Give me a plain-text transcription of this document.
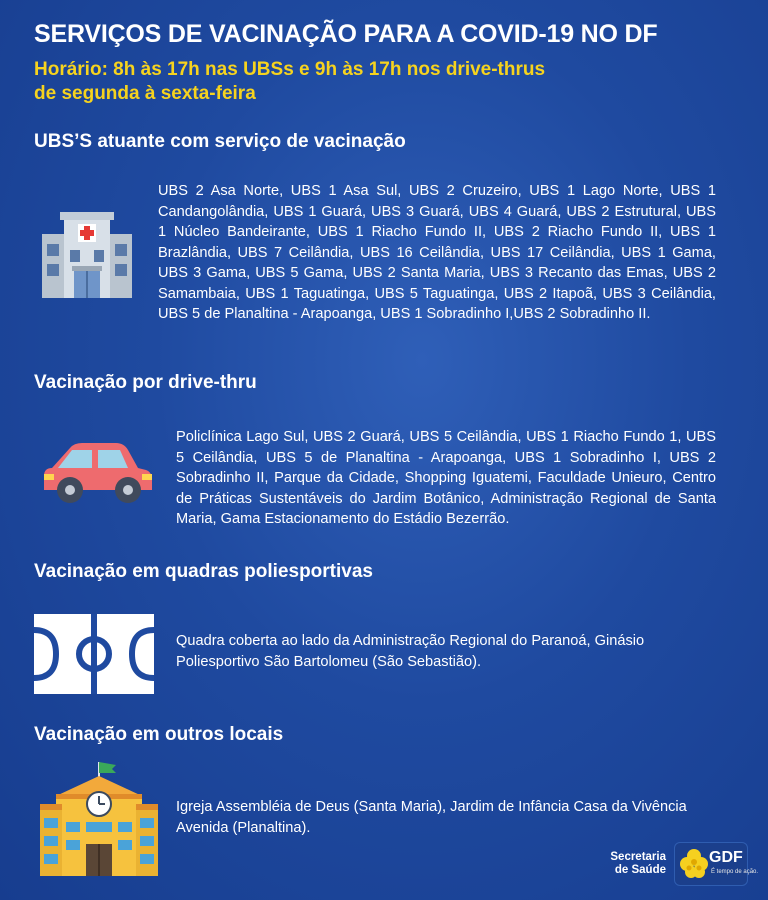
SERVIÇOS DE VACINAÇÃO PARA A COVID-19 NO DF
Horário: 8h às 17h nas UBSs e 9h às 17h nos drive-thrus
de segunda à sexta-feira
UBS’S atuante com serviço de vacinação

UBS 2 Asa Norte, UBS 1 Asa Sul, UBS 2 Cruzeiro, UBS 1 Lago Norte, UBS 1 Candangolândia, UBS 1 Guará, UBS 3 Guará, UBS 4 Guará, UBS 2 Estrutural, UBS 1 Núcleo Bandeirante, UBS 1 Riacho Fundo II, UBS 2 Riacho Fundo II, UBS 1 Brazlândia, UBS 7 Ceilândia, UBS 16 Ceilândia, UBS 17 Ceilândia, UBS 1 Gama, UBS 3 Gama, UBS 5 Gama, UBS 2 Santa Maria, UBS 3 Recanto das Emas, UBS 2 Samambaia, UBS 1 Taguatinga, UBS 5 Taguatinga, UBS 2 Itapoã, UBS 3 Ceilândia, UBS 5 de Planaltina - Arapoanga, UBS 1 Sobradinho I,UBS 2 Sobradinho II.

Vacinação por drive-thru

Policlínica Lago Sul, UBS 2 Guará, UBS 5 Ceilândia, UBS 1 Riacho Fundo 1, UBS 5 Ceilândia, UBS 5 de Planaltina - Arapoanga, UBS 1 Sobradinho I, UBS 2 Sobradinho II, Parque da Cidade, Shopping Iguatemi, Faculdade Unieuro, Centro de Práticas Sustentáveis do Jardim Botânico, Administração Regional de Santa Maria, Gama Estacionamento do Estádio Bezerrão.

Vacinação em quadras poliesportivas

Quadra coberta ao lado da Administração Regional do Paranoá, Ginásio Poliesportivo São Bartolomeu (São Sebastião).

Vacinação em outros locais

Igreja Assembléia de Deus (Santa Maria), Jardim de Infância Casa da Vivência Avenida (Planaltina).

Secretaria
de Saúde
GDF
É tempo de ação.
